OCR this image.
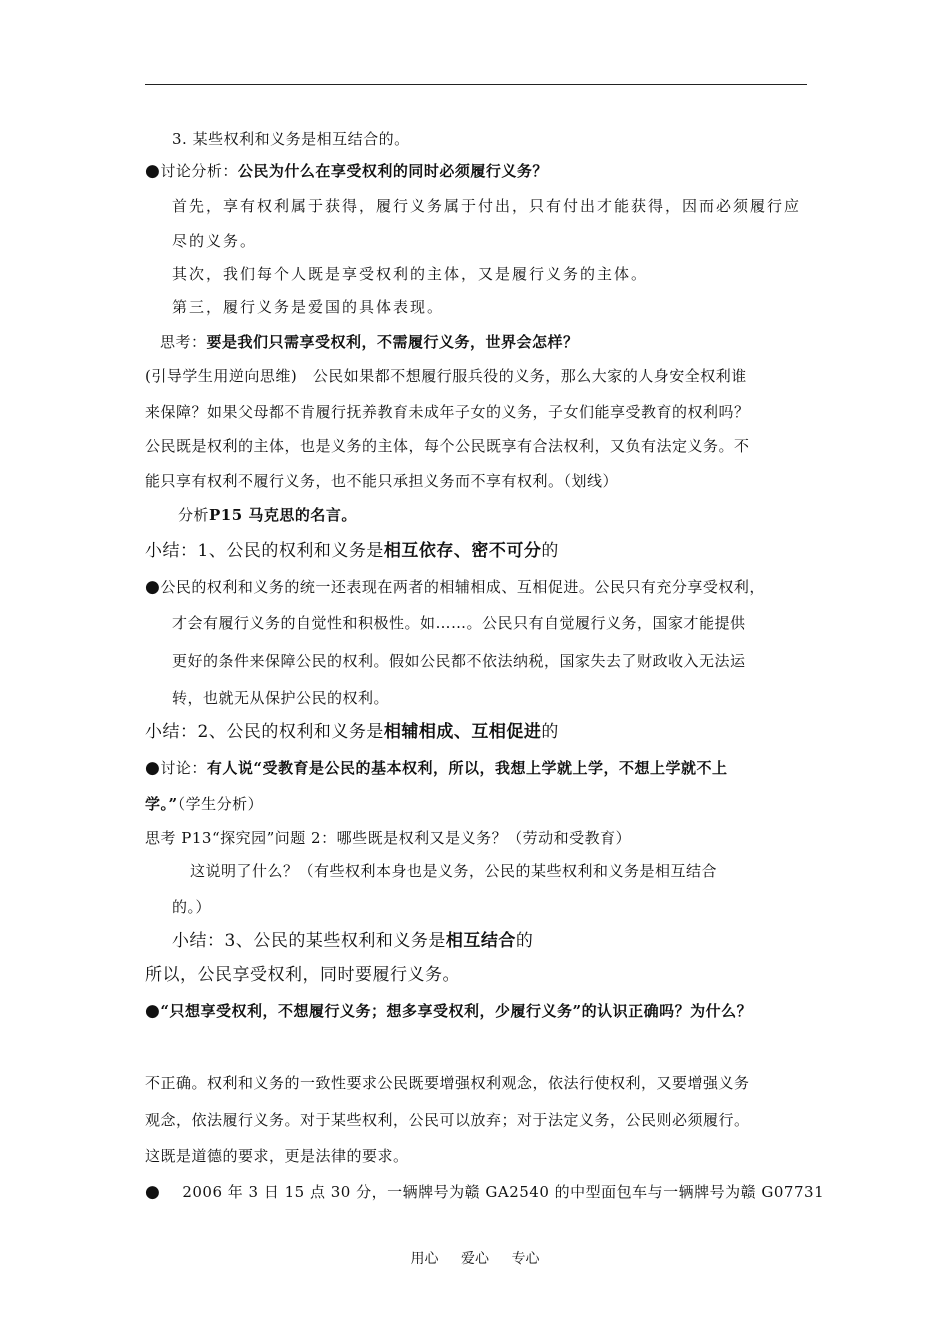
3. 某些权利和义务是相互结合的。
●讨论分析：公民为什么在享受权利的同时必须履行义务？
首先，享有权利属于获得，履行义务属于付出，只有付出才能获得，因而必须履行应
尽的义务。
其次，我们每个人既是享受权利的主体，又是履行义务的主体。
第三，履行义务是爱国的具体表现。
思考：要是我们只需享受权利，不需履行义务，世界会怎样？
(引导学生用逆向思维)　公民如果都不想履行服兵役的义务，那么大家的人身安全权利谁
来保障？如果父母都不肯履行抚养教育未成年子女的义务，子女们能享受教育的权利吗？
公民既是权利的主体，也是义务的主体，每个公民既享有合法权利，又负有法定义务。不
能只享有权利不履行义务，也不能只承担义务而不享有权利。（划线）
分析P15 马克思的名言。
小结：1、公民的权利和义务是相互依存、密不可分的
●公民的权利和义务的统一还表现在两者的相辅相成、互相促进。公民只有充分享受权利，
才会有履行义务的自觉性和积极性。如……。公民只有自觉履行义务，国家才能提供
更好的条件来保障公民的权利。假如公民都不依法纳税，国家失去了财政收入无法运
转，也就无从保护公民的权利。
小结：2、公民的权利和义务是相辅相成、互相促进的
●讨论：有人说“受教育是公民的基本权利，所以，我想上学就上学，不想上学就不上
学。”（学生分析）
思考 P13“探究园”问题 2：哪些既是权利又是义务？（劳动和受教育）
这说明了什么？（有些权利本身也是义务，公民的某些权利和义务是相互结合
的。）
小结：3、公民的某些权利和义务是相互结合的
所以，公民享受权利，同时要履行义务。
●“只想享受权利，不想履行义务；想多享受权利，少履行义务”的认识正确吗？为什么？
不正确。权利和义务的一致性要求公民既要增强权利观念，依法行使权利，又要增强义务
观念，依法履行义务。对于某些权利，公民可以放弃；对于法定义务，公民则必须履行。
这既是道德的要求，更是法律的要求。
● 2006 年 3 日 15 点 30 分，一辆牌号为赣 GA2540 的中型面包车与一辆牌号为赣 G07731
用心 爱心 专心
